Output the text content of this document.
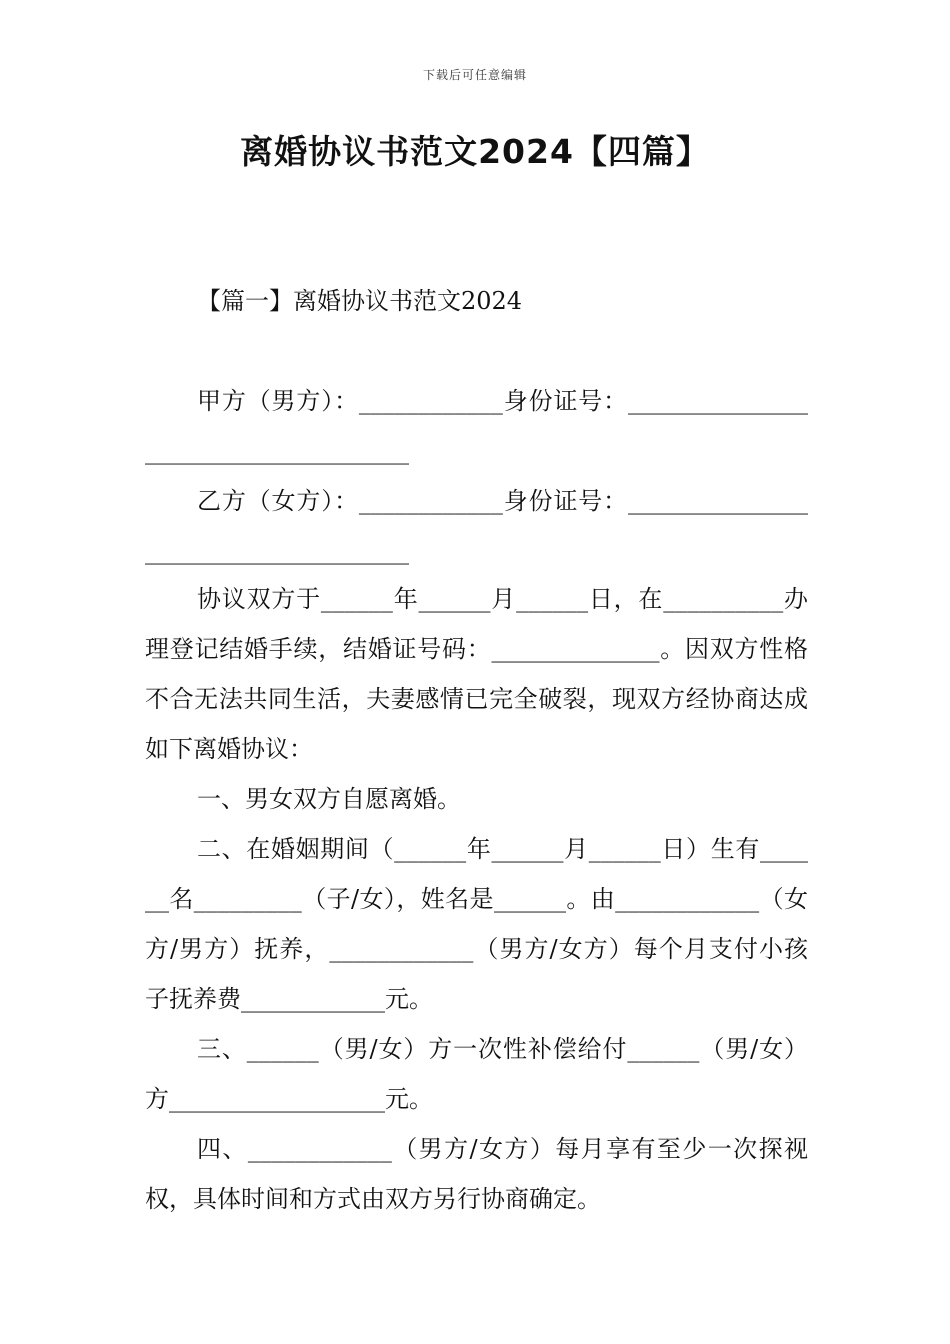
下载后可任意编辑
离婚协议书范文2024【四篇】
【篇一】离婚协议书范文2024

甲方（男方）：____________身份证号：_____________________________________

乙方（女方）：____________身份证号：_____________________________________

协议双方于______年______月______日，在__________办理登记结婚手续，结婚证号码：______________。因双方性格不合无法共同生活，夫妻感情已完全破裂，现双方经协商达成如下离婚协议：

一、男女双方自愿离婚。

二、在婚姻期间（______年______月______日）生有______名_________（子/女），姓名是______。由____________（女方/男方）抚养，____________（男方/女方）每个月支付小孩子抚养费____________元。

三、______（男/女）方一次性补偿给付______（男/女）方__________________元。

四、____________（男方/女方）每月享有至少一次探视权，具体时间和方式由双方另行协商确定。
